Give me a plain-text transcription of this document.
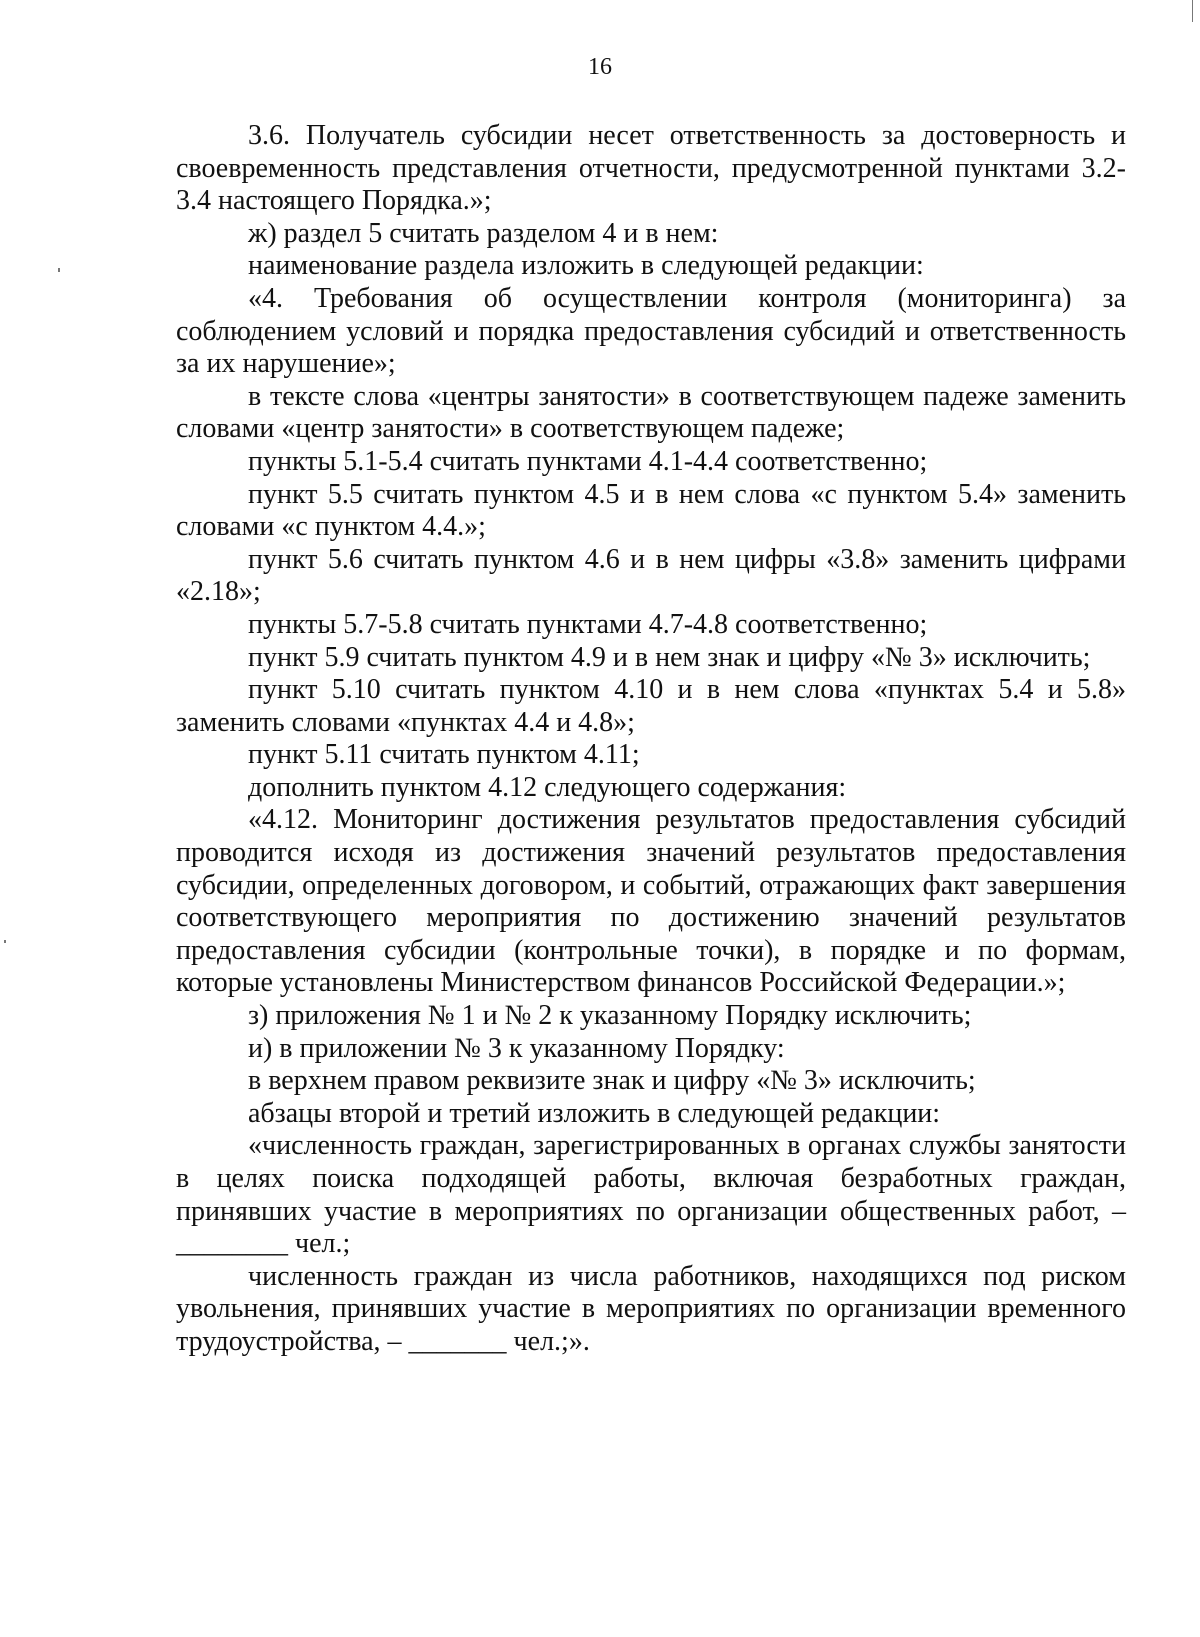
16

3.6. Получатель субсидии несет ответственность за достоверность и своевременность представления отчетности, предусмотренной пунктами 3.2-3.4 настоящего Порядка.»;

ж) раздел 5 считать разделом 4 и в нем:

наименование раздела изложить в следующей редакции:

«4. Требования об осуществлении контроля (мониторинга) за соблюдением условий и порядка предоставления субсидий и ответственность за их нарушение»;

в тексте слова «центры занятости» в соответствующем падеже заменить словами «центр занятости» в соответствующем падеже;

пункты 5.1-5.4 считать пунктами 4.1-4.4 соответственно;

пункт 5.5 считать пунктом 4.5 и в нем слова «с пунктом 5.4» заменить словами «с пунктом 4.4.»;

пункт 5.6 считать пунктом 4.6 и в нем цифры «3.8» заменить цифрами «2.18»;

пункты 5.7-5.8 считать пунктами 4.7-4.8 соответственно;

пункт 5.9 считать пунктом 4.9 и в нем знак и цифру «№ 3» исключить;

пункт 5.10 считать пунктом 4.10 и в нем слова «пунктах 5.4 и 5.8» заменить словами «пунктах 4.4 и 4.8»;

пункт 5.11 считать пунктом 4.11;

дополнить пунктом 4.12 следующего содержания:

«4.12. Мониторинг достижения результатов предоставления субсидий проводится исходя из достижения значений результатов предоставления субсидии, определенных договором, и событий, отражающих факт завершения соответствующего мероприятия по достижению значений результатов предоставления субсидии (контрольные точки), в порядке и по формам, которые установлены Министерством финансов Российской Федерации.»;

з) приложения № 1 и № 2 к указанному Порядку исключить;

и) в приложении № 3 к указанному Порядку:

в верхнем правом реквизите знак и цифру «№ 3» исключить;

абзацы второй и третий изложить в следующей редакции:

«численность граждан, зарегистрированных в органах службы занятости в целях поиска подходящей работы, включая безработных граждан, принявших участие в мероприятиях по организации общественных работ, – ________ чел.;

численность граждан из числа работников, находящихся под риском увольнения, принявших участие в мероприятиях по организации временного трудоустройства, – _______ чел.;».
